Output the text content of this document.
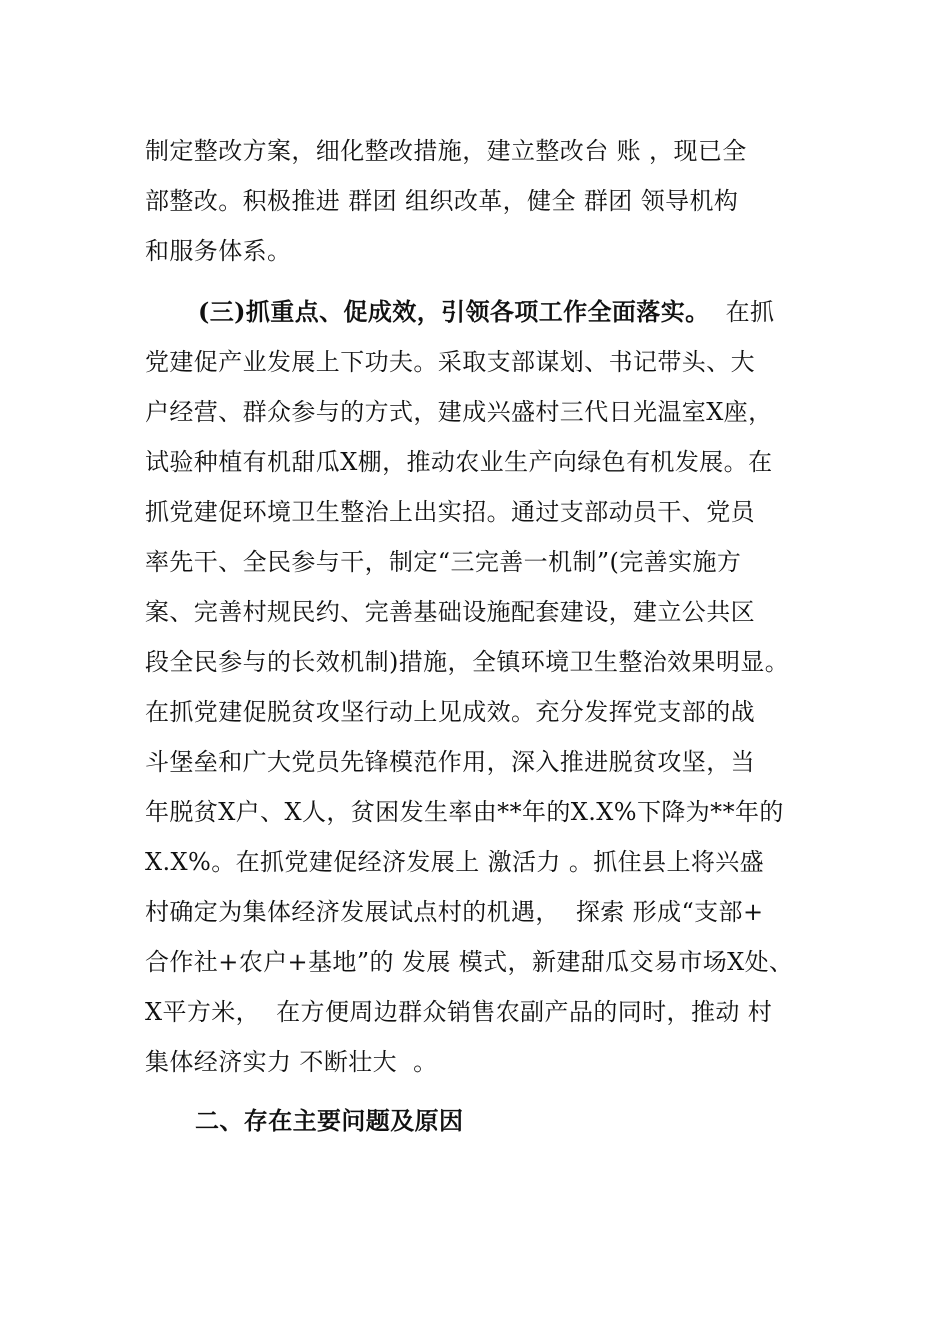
制定整改方案，细化整改措施，建立整改台 账 ，现已全
部整改。积极推进 群团 组织改革，健全 群团 领导机构
和服务体系。
(三)抓重点、促成效，引领各项工作全面落实。  在抓
党建促产业发展上下功夫。采取支部谋划、书记带头、大
户经营、群众参与的方式，建成兴盛村三代日光温室X座，
试验种植有机甜瓜X棚，推动农业生产向绿色有机发展。在
抓党建促环境卫生整治上出实招。通过支部动员干、党员
率先干、全民参与干，制定“三完善一机制”(完善实施方
案、完善村规民约、完善基础设施配套建设，建立公共区
段全民参与的长效机制)措施，全镇环境卫生整治效果明显。
在抓党建促脱贫攻坚行动上见成效。充分发挥党支部的战
斗堡垒和广大党员先锋模范作用，深入推进脱贫攻坚，当
年脱贫X户、X人，贫困发生率由**年的X.X%下降为**年的
X.X%。在抓党建促经济发展上 激活力 。抓住县上将兴盛
村确定为集体经济发展试点村的机遇，  探索 形成“支部+
合作社+农户+基地”的 发展 模式，新建甜瓜交易市场X处、
X平方米，  在方便周边群众销售农副产品的同时，推动 村
集体经济实力 不断壮大  。
二、存在主要问题及原因
